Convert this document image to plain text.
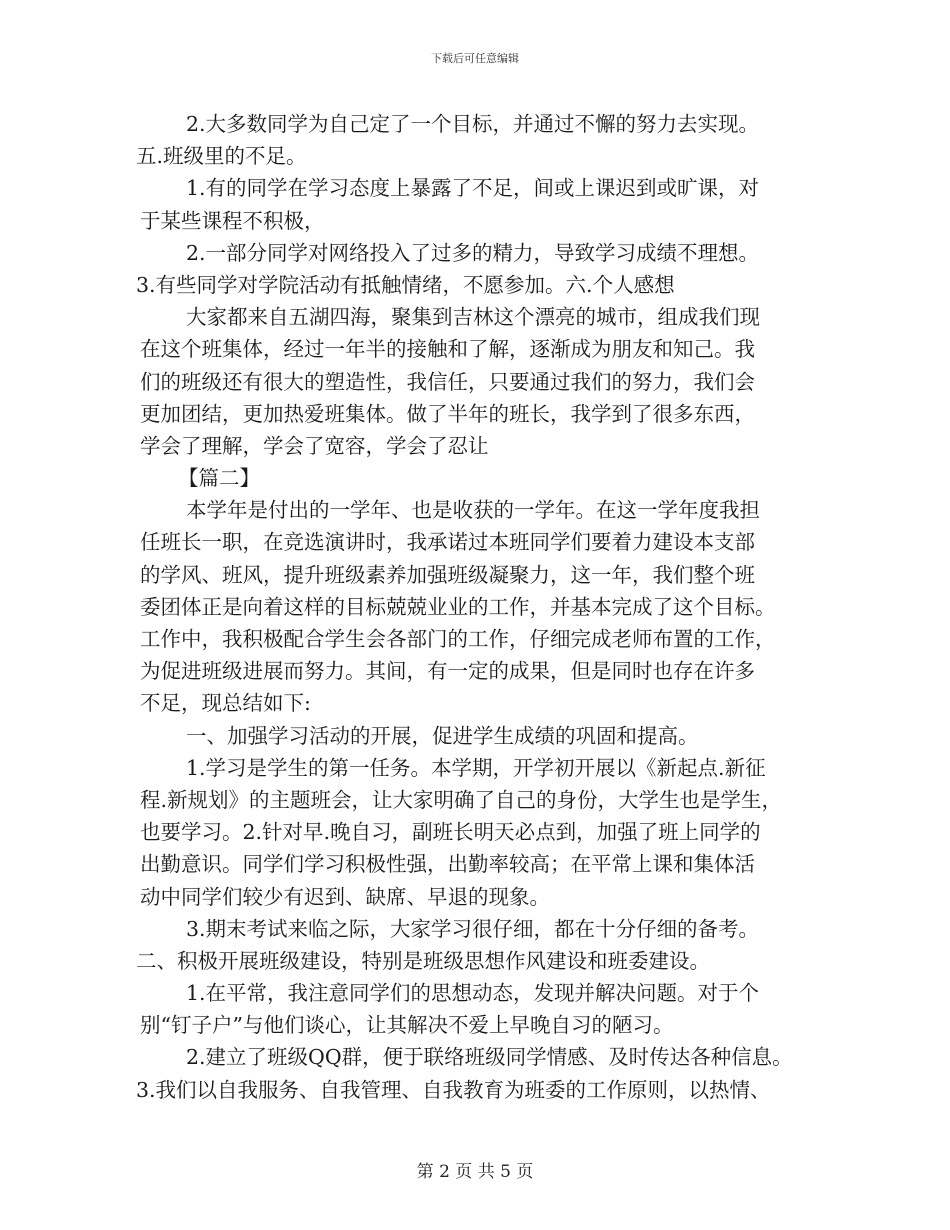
下载后可任意编辑
2.大多数同学为自己定了一个目标，并通过不懈的努力去实现。
五.班级里的不足。
1.有的同学在学习态度上暴露了不足，间或上课迟到或旷课，对
于某些课程不积极，
2.一部分同学对网络投入了过多的精力，导致学习成绩不理想。
3.有些同学对学院活动有抵触情绪，不愿参加。六.个人感想
大家都来自五湖四海，聚集到吉林这个漂亮的城市，组成我们现
在这个班集体，经过一年半的接触和了解，逐渐成为朋友和知己。我
们的班级还有很大的塑造性，我信任，只要通过我们的努力，我们会
更加团结，更加热爱班集体。做了半年的班长，我学到了很多东西，
学会了理解，学会了宽容，学会了忍让
【篇二】
本学年是付出的一学年、也是收获的一学年。在这一学年度我担
任班长一职，在竞选演讲时，我承诺过本班同学们要着力建设本支部
的学风、班风，提升班级素养加强班级凝聚力，这一年，我们整个班
委团体正是向着这样的目标兢兢业业的工作，并基本完成了这个目标。
工作中，我积极配合学生会各部门的工作，仔细完成老师布置的工作，
为促进班级进展而努力。其间，有一定的成果，但是同时也存在许多
不足，现总结如下:
一、加强学习活动的开展，促进学生成绩的巩固和提高。
1.学习是学生的第一任务。本学期，开学初开展以《新起点.新征
程.新规划》的主题班会，让大家明确了自己的身份，大学生也是学生，
也要学习。2.针对早.晚自习，副班长明天必点到，加强了班上同学的
出勤意识。同学们学习积极性强，出勤率较高；在平常上课和集体活
动中同学们较少有迟到、缺席、早退的现象。
3.期末考试来临之际，大家学习很仔细，都在十分仔细的备考。
二、积极开展班级建设，特别是班级思想作风建设和班委建设。
1.在平常，我注意同学们的思想动态，发现并解决问题。对于个
别“钉子户”与他们谈心，让其解决不爱上早晚自习的陋习。
2.建立了班级QQ群，便于联络班级同学情感、及时传达各种信息。
3.我们以自我服务、自我管理、自我教育为班委的工作原则，以热情、
第 2 页 共 5 页
